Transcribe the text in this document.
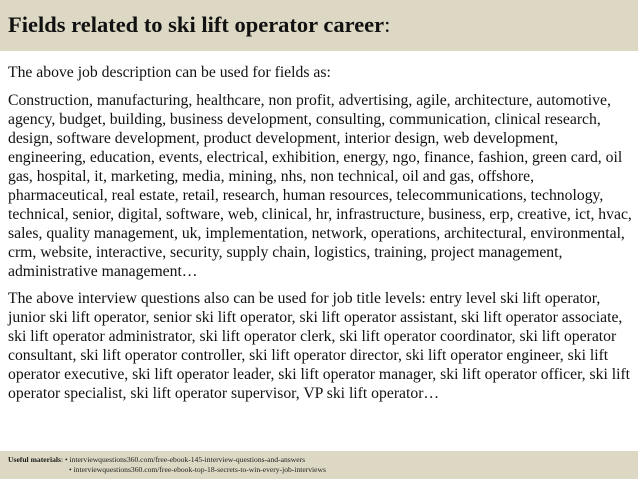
Fields related to ski lift operator career:

The above job description can be used for fields as:

Construction, manufacturing, healthcare, non profit, advertising, agile, architecture, automotive, agency, budget, building, business development, consulting, communication, clinical research, design, software development, product development, interior design, web development, engineering, education, events, electrical, exhibition, energy, ngo, finance, fashion, green card, oil gas, hospital, it, marketing, media, mining, nhs, non technical, oil and gas, offshore, pharmaceutical, real estate, retail, research, human resources, telecommunications, technology, technical, senior, digital, software, web, clinical, hr, infrastructure, business, erp, creative, ict, hvac, sales, quality management, uk, implementation, network, operations, architectural, environmental, crm, website, interactive, security, supply chain, logistics, training, project management, administrative management…

The above interview questions also can be used for job title levels: entry level ski lift operator, junior ski lift operator, senior ski lift operator, ski lift operator assistant, ski lift operator associate, ski lift operator administrator, ski lift operator clerk, ski lift operator coordinator, ski lift operator consultant, ski lift operator controller, ski lift operator director, ski lift operator engineer, ski lift operator executive, ski lift operator leader, ski lift operator manager, ski lift operator officer, ski lift operator specialist, ski lift operator supervisor, VP ski lift operator…

Useful materials: • interviewquestions360.com/free-ebook-145-interview-questions-and-answers
• interviewquestions360.com/free-ebook-top-18-secrets-to-win-every-job-interviews
